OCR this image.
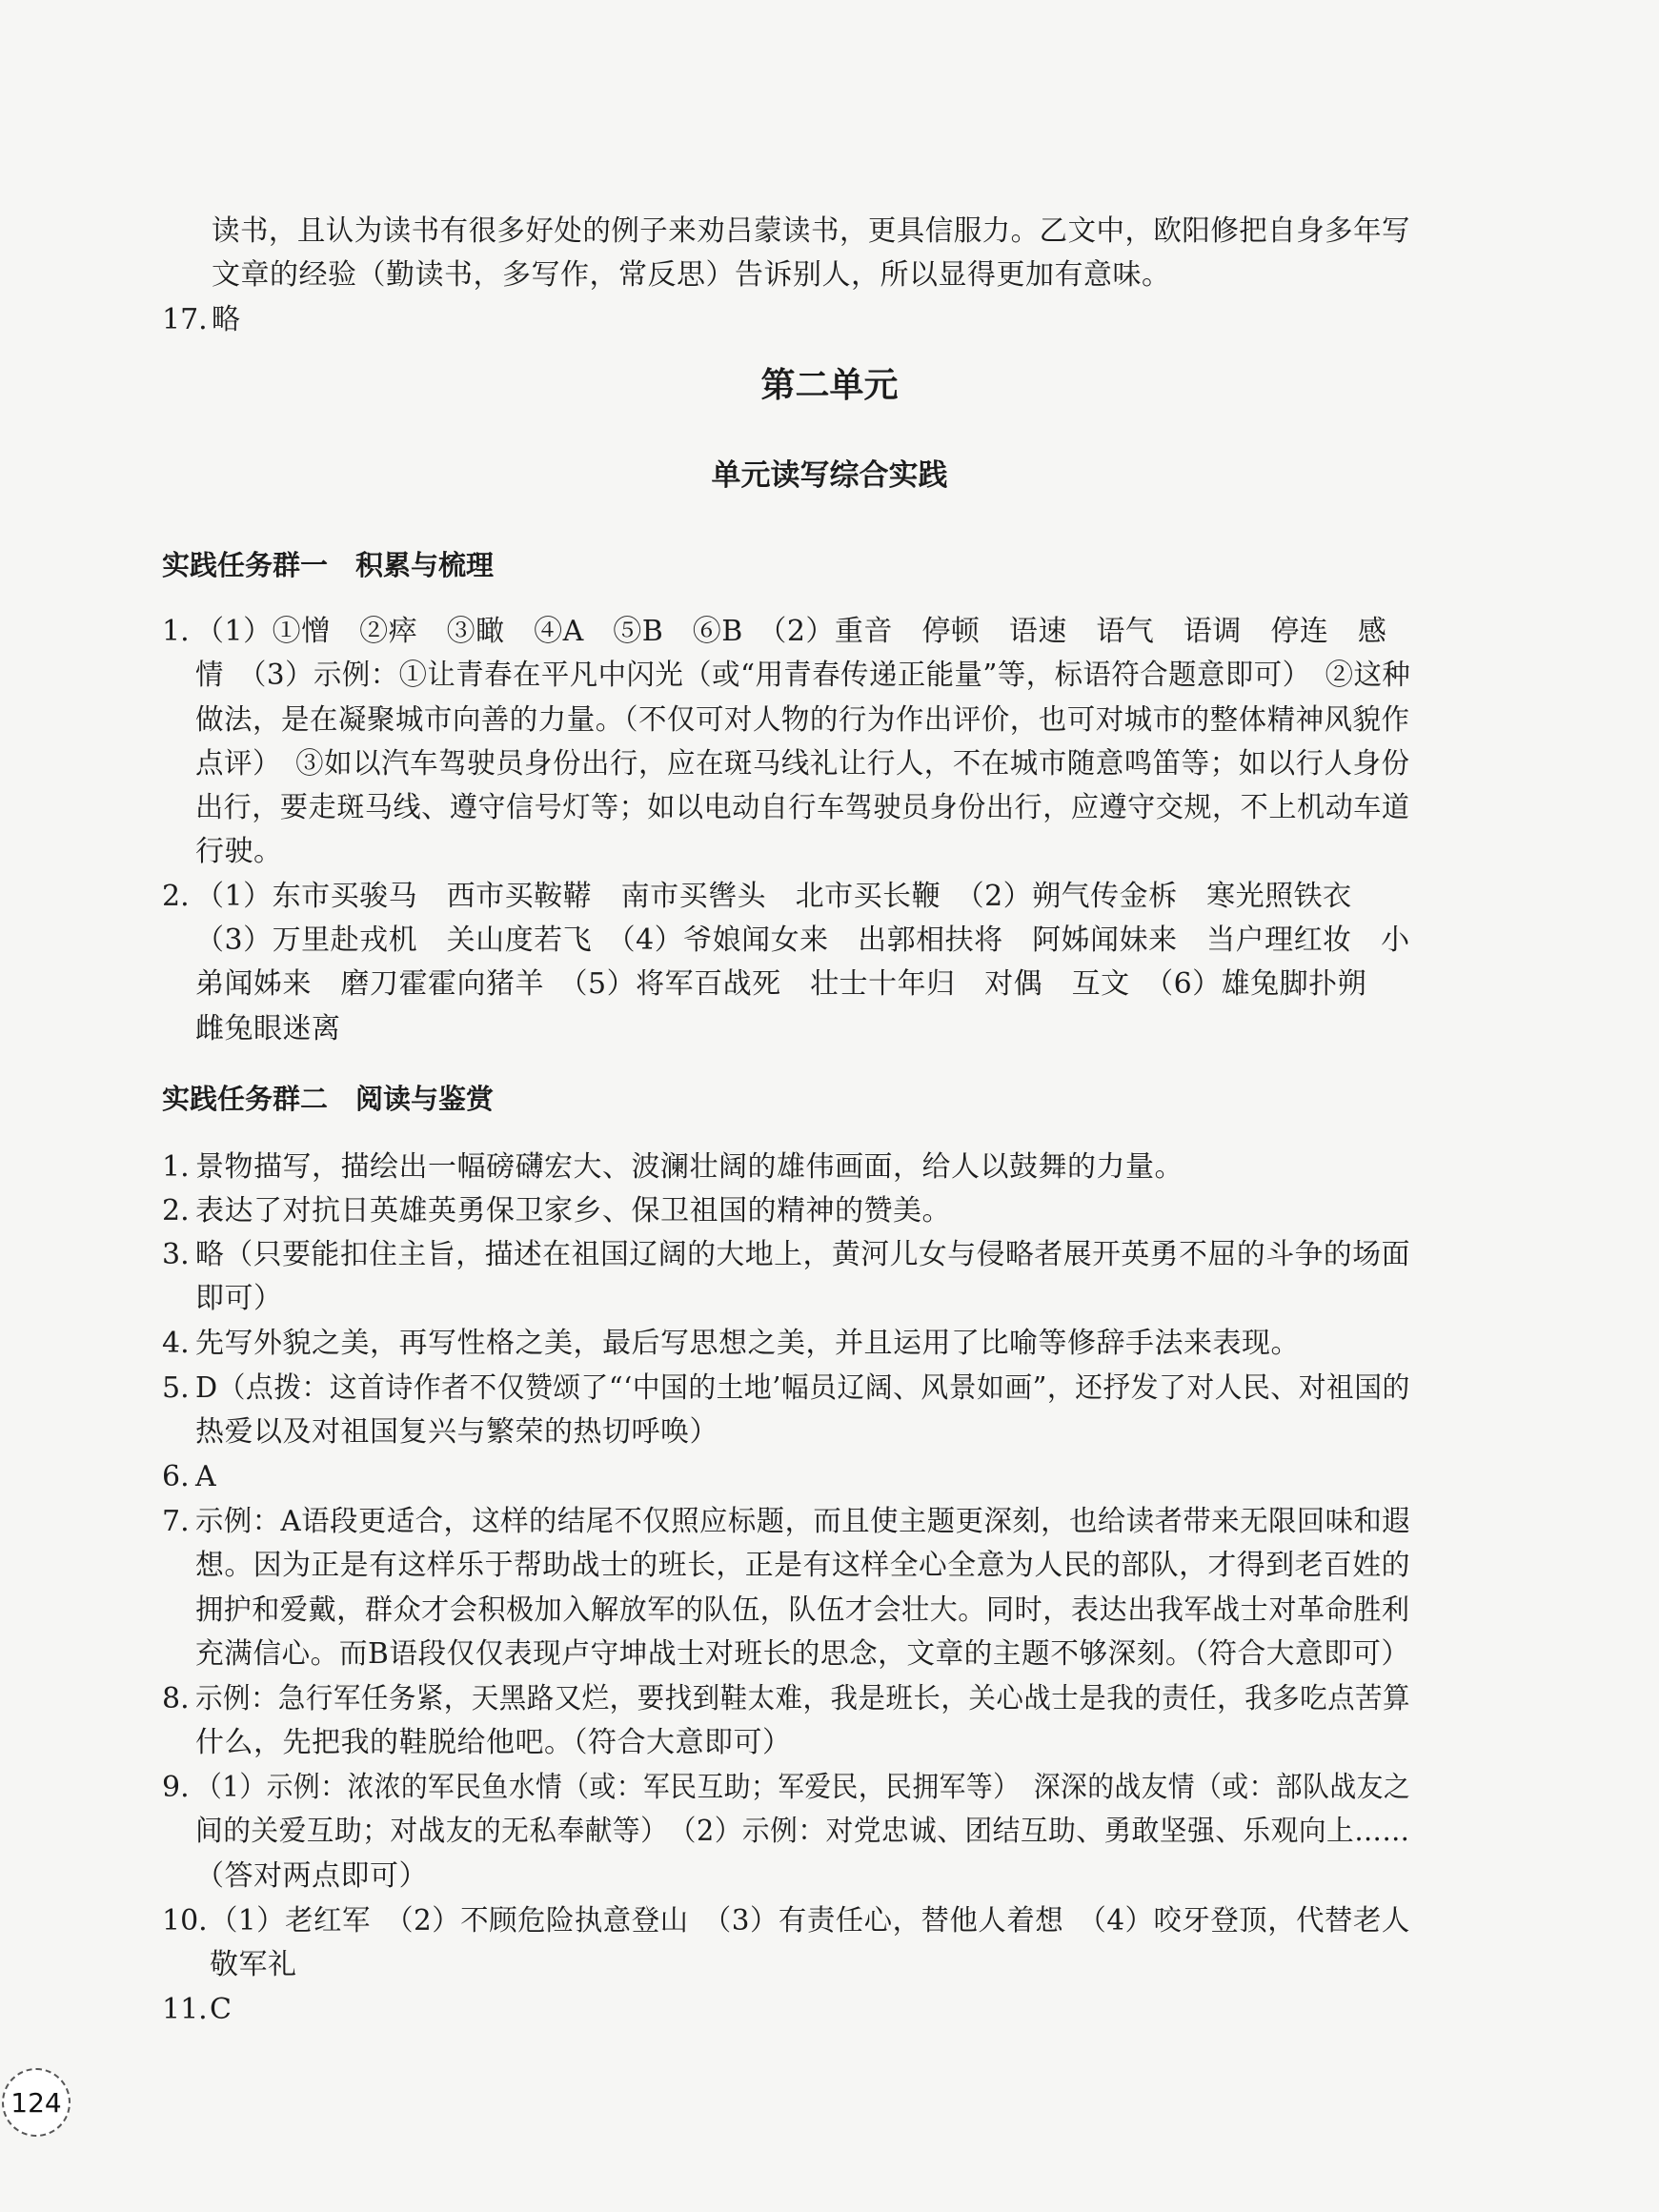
读书，且认为读书有很多好处的例子来劝吕蒙读书，更具信服力。乙文中，欧阳修把自身多年写
文章的经验（勤读书，多写作，常反思）告诉别人，所以显得更加有意味。
17. 略
第二单元
单元读写综合实践
实践任务群一　积累与梳理
1. （1）①憎　②瘁　③瞰　④A　⑤B　⑥B　（2）重音　停顿　语速　语气　语调　停连　感
情　（3）示例：①让青春在平凡中闪光（或“用青春传递正能量”等，标语符合题意即可）　②这种
做法，是在凝聚城市向善的力量。（不仅可对人物的行为作出评价，也可对城市的整体精神风貌作
点评）　③如以汽车驾驶员身份出行，应在斑马线礼让行人，不在城市随意鸣笛等；如以行人身份
出行，要走斑马线、遵守信号灯等；如以电动自行车驾驶员身份出行，应遵守交规，不上机动车道
行驶。
2. （1）东市买骏马　西市买鞍鞯　南市买辔头　北市买长鞭　（2）朔气传金柝　寒光照铁衣
（3）万里赴戎机　关山度若飞　（4）爷娘闻女来　出郭相扶将　阿姊闻妹来　当户理红妆　小
弟闻姊来　磨刀霍霍向猪羊　（5）将军百战死　壮士十年归　对偶　互文　（6）雄兔脚扑朔
雌兔眼迷离
实践任务群二　阅读与鉴赏
1. 景物描写，描绘出一幅磅礴宏大、波澜壮阔的雄伟画面，给人以鼓舞的力量。
2. 表达了对抗日英雄英勇保卫家乡、保卫祖国的精神的赞美。
3. 略（只要能扣住主旨，描述在祖国辽阔的大地上，黄河儿女与侵略者展开英勇不屈的斗争的场面
即可）
4. 先写外貌之美，再写性格之美，最后写思想之美，并且运用了比喻等修辞手法来表现。
5. D（点拨：这首诗作者不仅赞颂了“‘中国的土地’幅员辽阔、风景如画”，还抒发了对人民、对祖国的
热爱以及对祖国复兴与繁荣的热切呼唤）
6. A
7. 示例：A语段更适合，这样的结尾不仅照应标题，而且使主题更深刻，也给读者带来无限回味和遐
想。因为正是有这样乐于帮助战士的班长，正是有这样全心全意为人民的部队，才得到老百姓的
拥护和爱戴，群众才会积极加入解放军的队伍，队伍才会壮大。同时，表达出我军战士对革命胜利
充满信心。而B语段仅仅表现卢守坤战士对班长的思念，文章的主题不够深刻。（符合大意即可）
8. 示例：急行军任务紧，天黑路又烂，要找到鞋太难，我是班长，关心战士是我的责任，我多吃点苦算
什么，先把我的鞋脱给他吧。（符合大意即可）
9. （1）示例：浓浓的军民鱼水情（或：军民互助；军爱民，民拥军等）　深深的战友情（或：部队战友之
间的关爱互助；对战友的无私奉献等）　（2）示例：对党忠诚、团结互助、勇敢坚强、乐观向上……
（答对两点即可）
10. （1）老红军　（2）不顾危险执意登山　（3）有责任心，替他人着想　（4）咬牙登顶，代替老人
敬军礼
11. C
124
